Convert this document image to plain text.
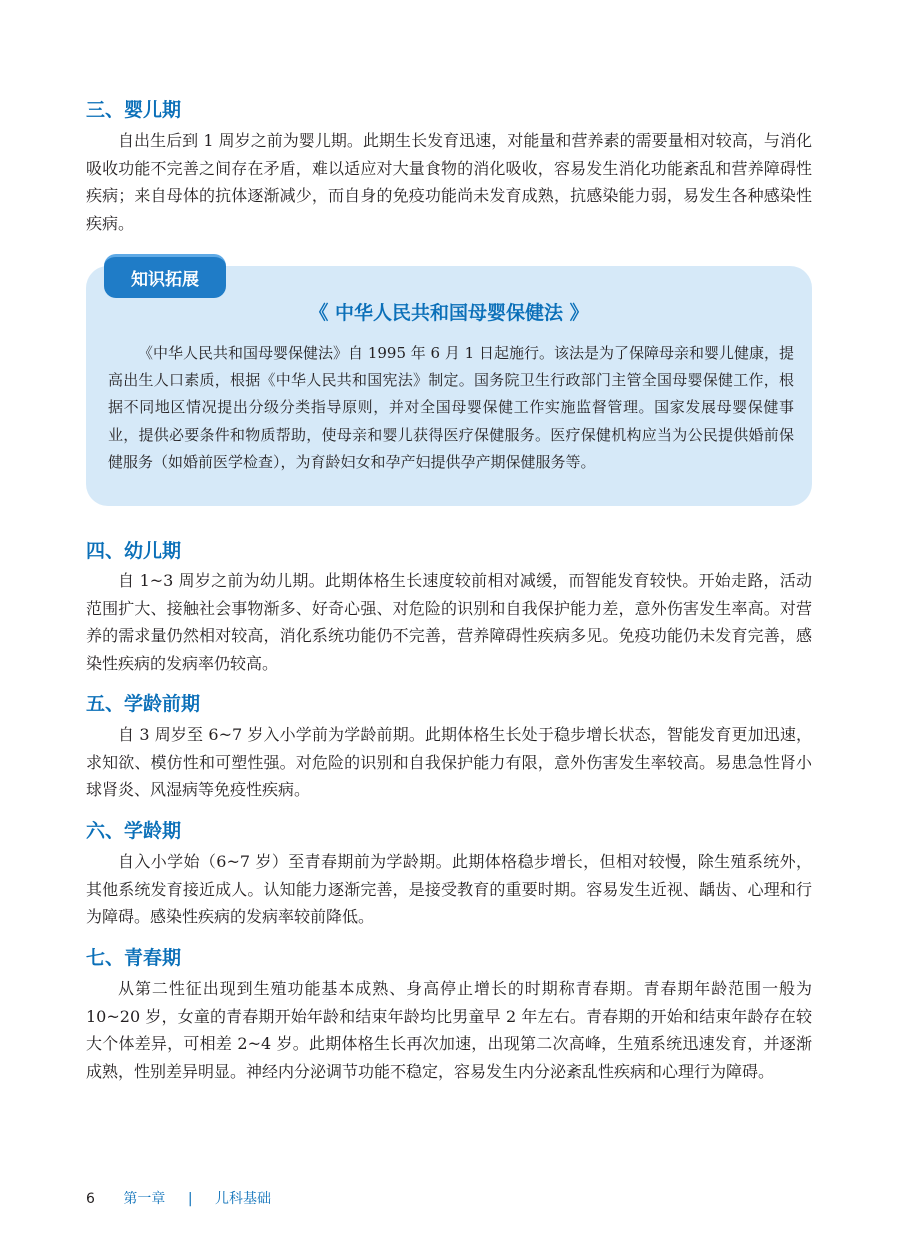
三、婴儿期

自出生后到 1 周岁之前为婴儿期。此期生长发育迅速，对能量和营养素的需要量相对较高，与消化吸收功能不完善之间存在矛盾，难以适应对大量食物的消化吸收，容易发生消化功能紊乱和营养障碍性疾病；来自母体的抗体逐渐减少，而自身的免疫功能尚未发育成熟，抗感染能力弱，易发生各种感染性疾病。

知识拓展
《 中华人民共和国母婴保健法 》

《中华人民共和国母婴保健法》自 1995 年 6 月 1 日起施行。该法是为了保障母亲和婴儿健康，提高出生人口素质，根据《中华人民共和国宪法》制定。国务院卫生行政部门主管全国母婴保健工作，根据不同地区情况提出分级分类指导原则，并对全国母婴保健工作实施监督管理。国家发展母婴保健事业，提供必要条件和物质帮助，使母亲和婴儿获得医疗保健服务。医疗保健机构应当为公民提供婚前保健服务（如婚前医学检查），为育龄妇女和孕产妇提供孕产期保健服务等。

四、幼儿期

自 1~3 周岁之前为幼儿期。此期体格生长速度较前相对减缓，而智能发育较快。开始走路，活动范围扩大、接触社会事物渐多、好奇心强、对危险的识别和自我保护能力差，意外伤害发生率高。对营养的需求量仍然相对较高，消化系统功能仍不完善，营养障碍性疾病多见。免疫功能仍未发育完善，感染性疾病的发病率仍较高。

五、学龄前期

自 3 周岁至 6~7 岁入小学前为学龄前期。此期体格生长处于稳步增长状态，智能发育更加迅速，求知欲、模仿性和可塑性强。对危险的识别和自我保护能力有限，意外伤害发生率较高。易患急性肾小球肾炎、风湿病等免疫性疾病。

六、学龄期

自入小学始（6~7 岁）至青春期前为学龄期。此期体格稳步增长，但相对较慢，除生殖系统外，其他系统发育接近成人。认知能力逐渐完善，是接受教育的重要时期。容易发生近视、龋齿、心理和行为障碍。感染性疾病的发病率较前降低。

七、青春期

从第二性征出现到生殖功能基本成熟、身高停止增长的时期称青春期。青春期年龄范围一般为 10~20 岁，女童的青春期开始年龄和结束年龄均比男童早 2 年左右。青春期的开始和结束年龄存在较大个体差异，可相差 2~4 岁。此期体格生长再次加速，出现第二次高峰，生殖系统迅速发育，并逐渐成熟，性别差异明显。神经内分泌调节功能不稳定，容易发生内分泌紊乱性疾病和心理行为障碍。

6 第一章 | 儿科基础
